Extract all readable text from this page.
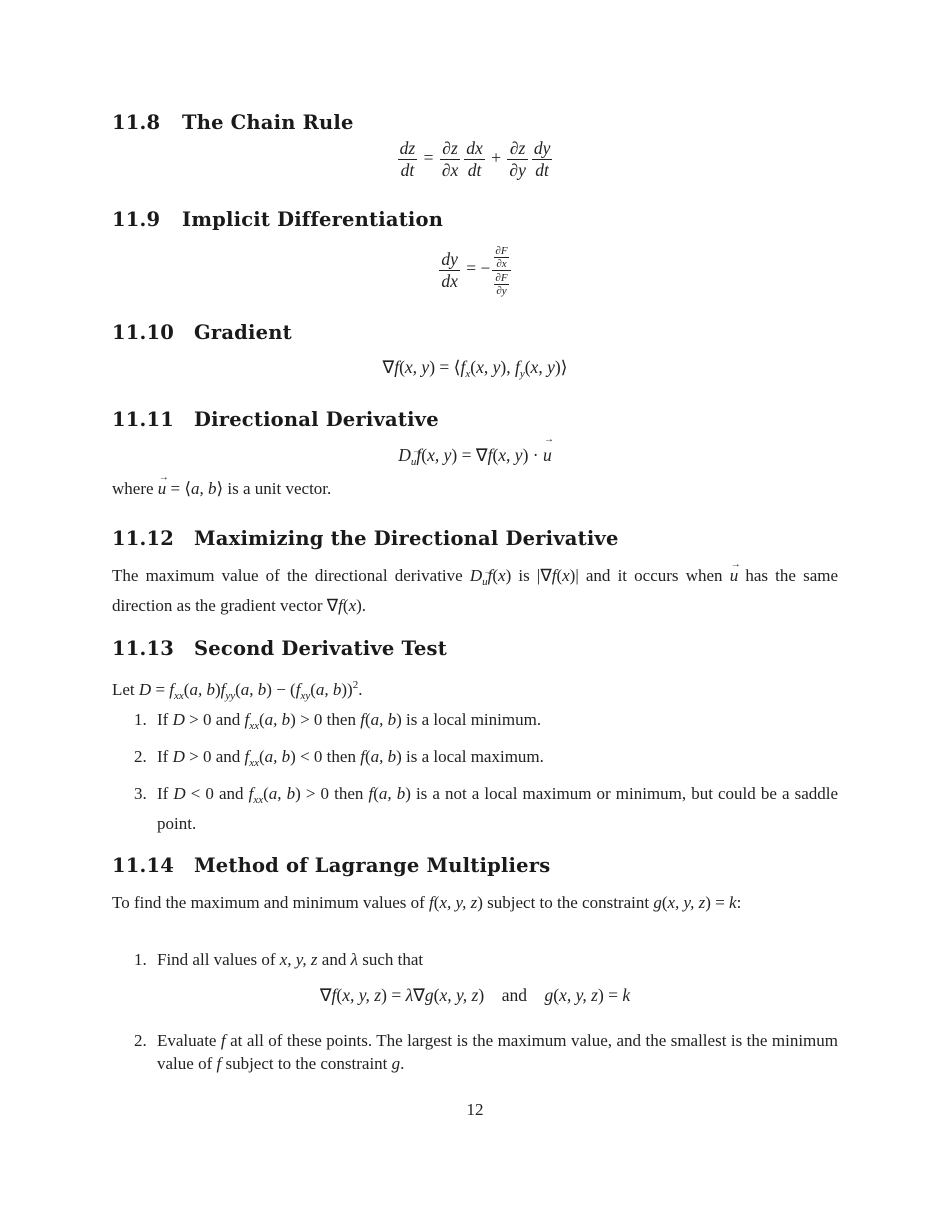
11.8 The Chain Rule
$\frac{dz}{dt} = \frac{\partial z}{\partial x} \frac{dx}{dt} + \frac{\partial z}{\partial y} \frac{dy}{dt}$
11.9 Implicit Differentiation
$\frac{dy}{dx}$ = − $\frac{\frac{\partial F}{\partial x}}{\frac{\partial F}{\partial y}}$
11.10 Gradient
∇f(x, $y) = ⟨f_x(x$, y), $f_y(x$, y)⟩
11.11 Directional Derivative
$D_u \to f(x$, y) = ∇f(x, y) · u →
where u → = ⟨a, b⟩ is a unit vector.
11.12 Maximizing the Directional Derivative
The maximum value of the directional derivative $D_u \to f(x)$ is |∇f(x)| and it occurs when u → has the same direction as the gradient vector ∇f(x).
11.13 Second Derivative Test
Let $D = f_{xx}(a$, $b)f_{yy}(a$, $b) - (f_{xy}(a$, b))$^2$.
1. If D > 0 and $f_{xx}(a$, b) > 0 then f(a, b) is a local minimum.
2. If D > 0 and $f_{xx}(a$, b) < 0 then f(a, b) is a local maximum.
3. If D < 0 and $f_{xx}(a$, b) > 0 then f(a, b) is a not a local maximum or minimum, but could be a saddle point.
11.14 Method of Lagrange Multipliers
To find the maximum and minimum values of f(x, y, z) subject to the constraint g(x, y, z) = k:
1. Find all values of x, y, z and λ such that
2. Evaluate f at all of these points. The largest is the maximum value, and the smallest is the minimum value of f subject to the constraint g.
∇f(x, y, z) = λ∇g(x, y, z)    and g(x, y, z) = k
12
